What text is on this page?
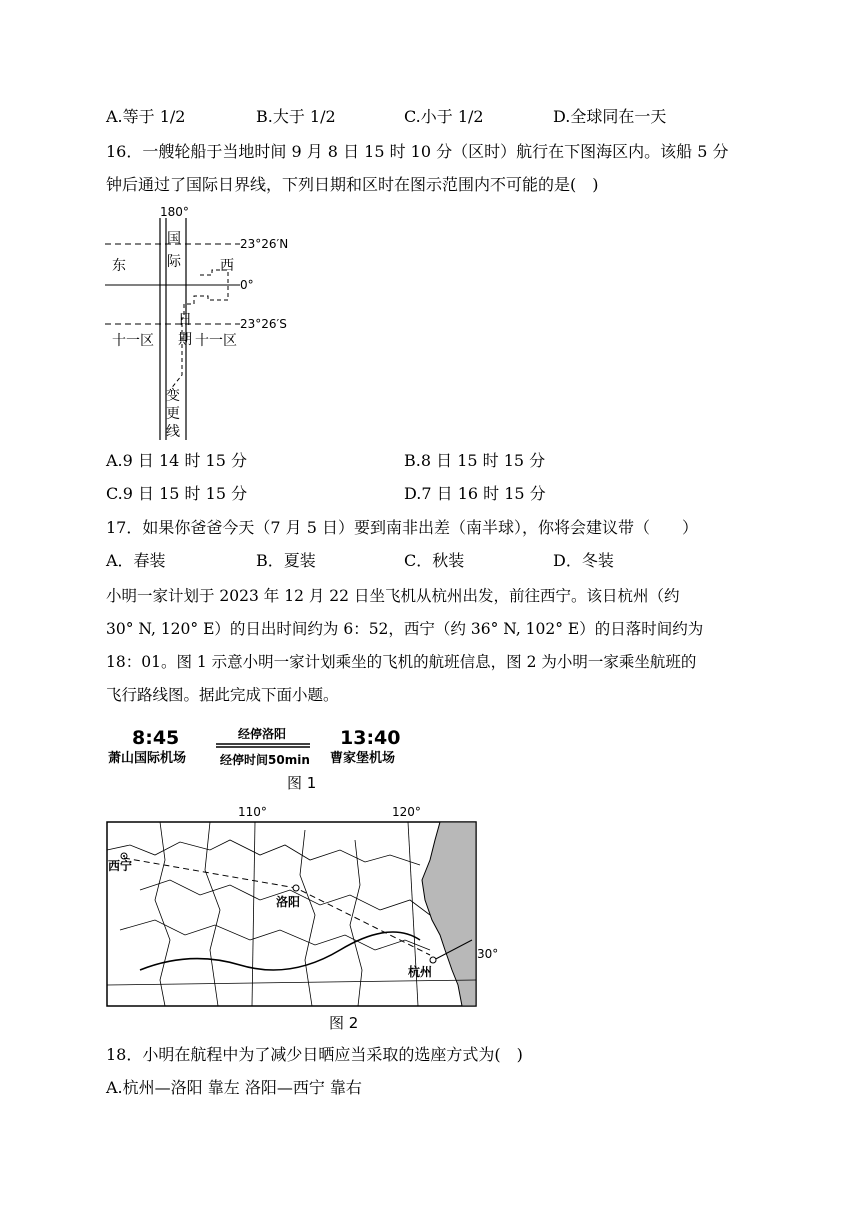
A.等于 1/2	B.大于 1/2	C.小于 1/2	D.全球同在一天
16．一艘轮船于当地时间 9 月 8 日 15 时 10 分（区时）航行在下图海区内。该船 5 分
钟后通过了国际日界线，下列日期和区时在图示范围内不可能的是(　)
180°
23°26′N
0°
23°26′S
东	西
十一区	十一区
国
际
日
期
变
更
线
A.9 日 14 时 15 分	B.8 日 15 时 15 分
C.9 日 15 时 15 分	D.7 日 16 时 15 分
17．如果你爸爸今天（7 月 5 日）要到南非出差（南半球），你将会建议带（　　）
A．春装	B．夏装	C．秋装	D．冬装
小明一家计划于 2023 年 12 月 22 日坐飞机从杭州出发，前往西宁。该日杭州（约
30° N, 120° E）的日出时间约为 6：52，西宁（约 36° N, 102° E）的日落时间约为
18：01。图 1 示意小明一家计划乘坐的飞机的航班信息，图 2 为小明一家乘坐航班的
飞行路线图。据此完成下面小题。
8:45
萧山国际机场
经停洛阳
经停时间50min
13:40
曹家堡机场
图 1
110°	120°
西宁
洛阳
杭州
30°
图 2
18．小明在航程中为了减少日晒应当采取的选座方式为(　)
A.杭州—洛阳 靠左 洛阳—西宁 靠右
